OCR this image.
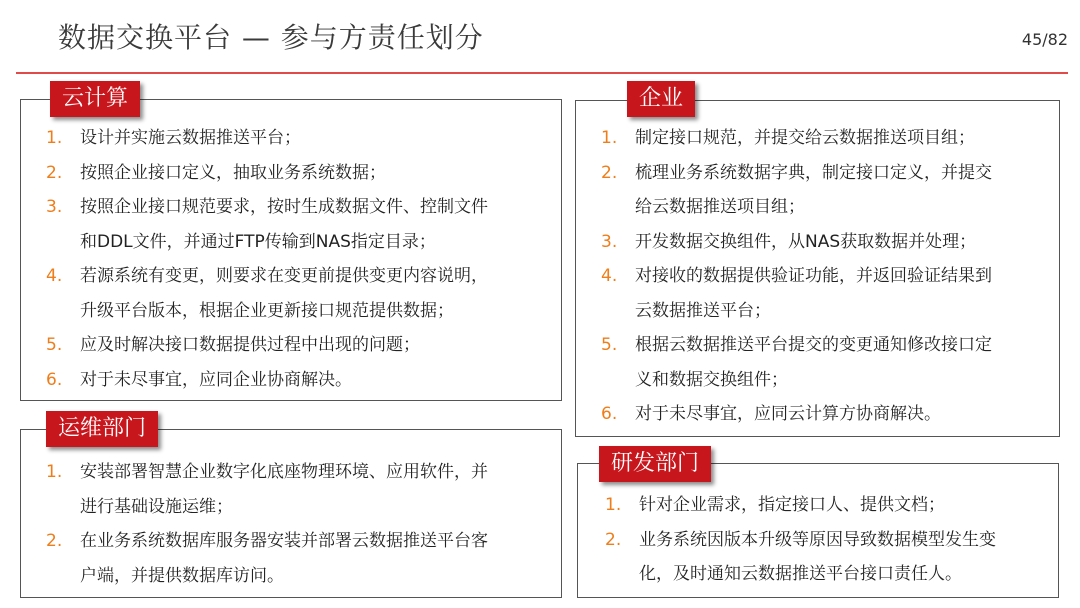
数据交换平台 — 参与方责任划分	45/82
云计算
1.	设计并实施云数据推送平台；
2.	按照企业接口定义，抽取业务系统数据；
3.	按照企业接口规范要求，按时生成数据文件、控制文件
和DDL文件，并通过FTP传输到NAS指定目录；
4.	若源系统有变更，则要求在变更前提供变更内容说明，
升级平台版本，根据企业更新接口规范提供数据；
5.	应及时解决接口数据提供过程中出现的问题；
6.	对于未尽事宜，应同企业协商解决。
运维部门
1.	安装部署智慧企业数字化底座物理环境、应用软件，并
进行基础设施运维；
2.	在业务系统数据库服务器安装并部署云数据推送平台客
户端，并提供数据库访问。
企业
1.	制定接口规范，并提交给云数据推送项目组；
2.	梳理业务系统数据字典，制定接口定义，并提交
给云数据推送项目组；
3.	开发数据交换组件，从NAS获取数据并处理；
4.	对接收的数据提供验证功能，并返回验证结果到
云数据推送平台；
5.	根据云数据推送平台提交的变更通知修改接口定
义和数据交换组件；
6.	对于未尽事宜，应同云计算方协商解决。
研发部门
1.	针对企业需求，指定接口人、提供文档；
2.	业务系统因版本升级等原因导致数据模型发生变
化，及时通知云数据推送平台接口责任人。
